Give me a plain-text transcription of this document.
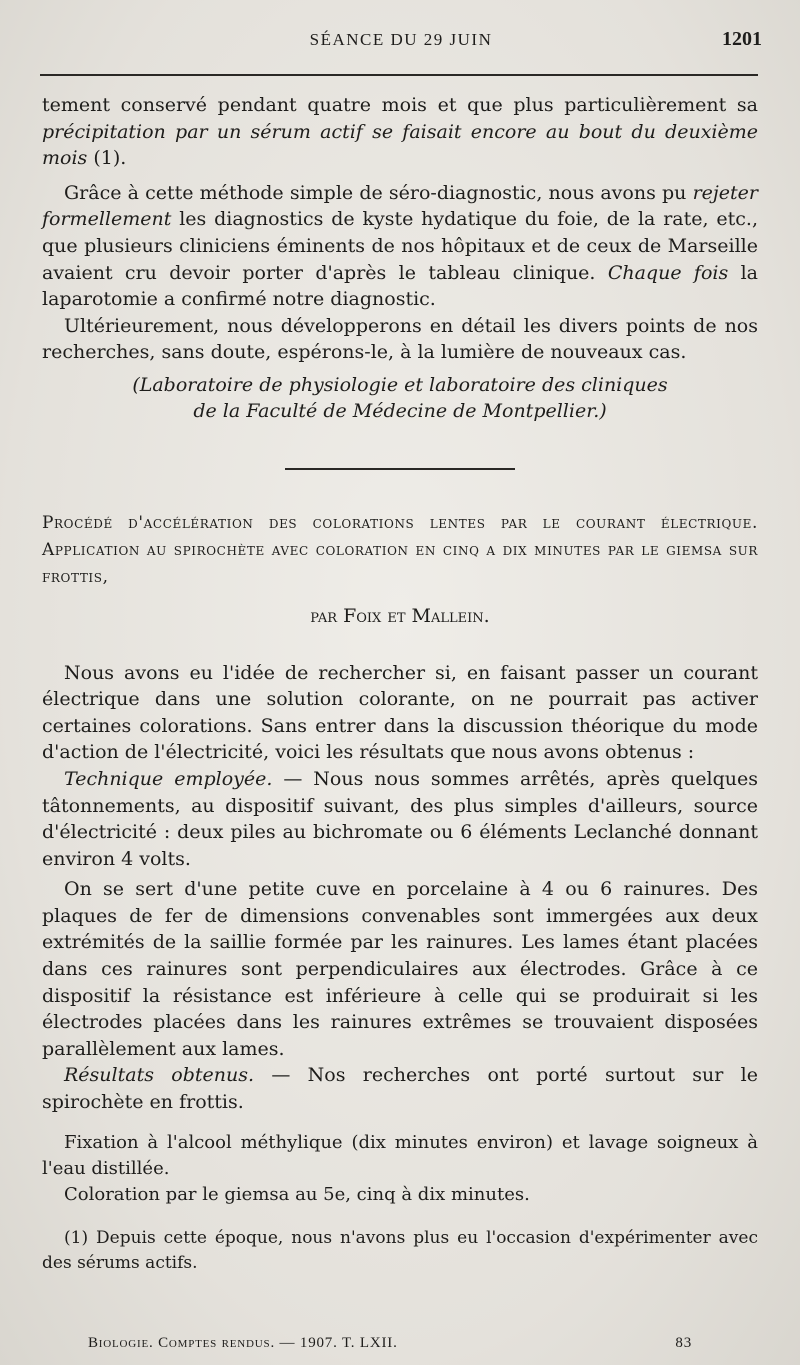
SÉANCE DU 29 JUIN	1201

tement conservé pendant quatre mois et que plus particulièrement sa précipitation par un sérum actif se faisait encore au bout du deuxième mois (1).

Grâce à cette méthode simple de séro-diagnostic, nous avons pu rejeter formellement les diagnostics de kyste hydatique du foie, de la rate, etc., que plusieurs cliniciens éminents de nos hôpitaux et de ceux de Marseille avaient cru devoir porter d'après le tableau clinique. Chaque fois la laparotomie a confirmé notre diagnostic.

Ultérieurement, nous développerons en détail les divers points de nos recherches, sans doute, espérons-le, à la lumière de nouveaux cas.

(Laboratoire de physiologie et laboratoire des cliniques
de la Faculté de Médecine de Montpellier.)

Procédé d'accélération des colorations lentes par le courant électrique. Application au spirochète avec coloration en cinq a dix minutes par le giemsa sur frottis,

par Foix et Mallein.

Nous avons eu l'idée de rechercher si, en faisant passer un courant électrique dans une solution colorante, on ne pourrait pas activer certaines colorations. Sans entrer dans la discussion théorique du mode d'action de l'électricité, voici les résultats que nous avons obtenus :

Technique employée. — Nous nous sommes arrêtés, après quelques tâtonnements, au dispositif suivant, des plus simples d'ailleurs, source d'électricité : deux piles au bichromate ou 6 éléments Leclanché donnant environ 4 volts.

On se sert d'une petite cuve en porcelaine à 4 ou 6 rainures. Des plaques de fer de dimensions convenables sont immergées aux deux extrémités de la saillie formée par les rainures. Les lames étant placées dans ces rainures sont perpendiculaires aux électrodes. Grâce à ce dispositif la résistance est inférieure à celle qui se produirait si les électrodes placées dans les rainures extrêmes se trouvaient disposées parallèlement aux lames.

Résultats obtenus. — Nos recherches ont porté surtout sur le spirochète en frottis.

Fixation à l'alcool méthylique (dix minutes environ) et lavage soigneux à l'eau distillée.

Coloration par le giemsa au 5e, cinq à dix minutes.

(1) Depuis cette époque, nous n'avons plus eu l'occasion d'expérimenter avec des sérums actifs.

Biologie. Comptes rendus. — 1907. T. LXII.	83
